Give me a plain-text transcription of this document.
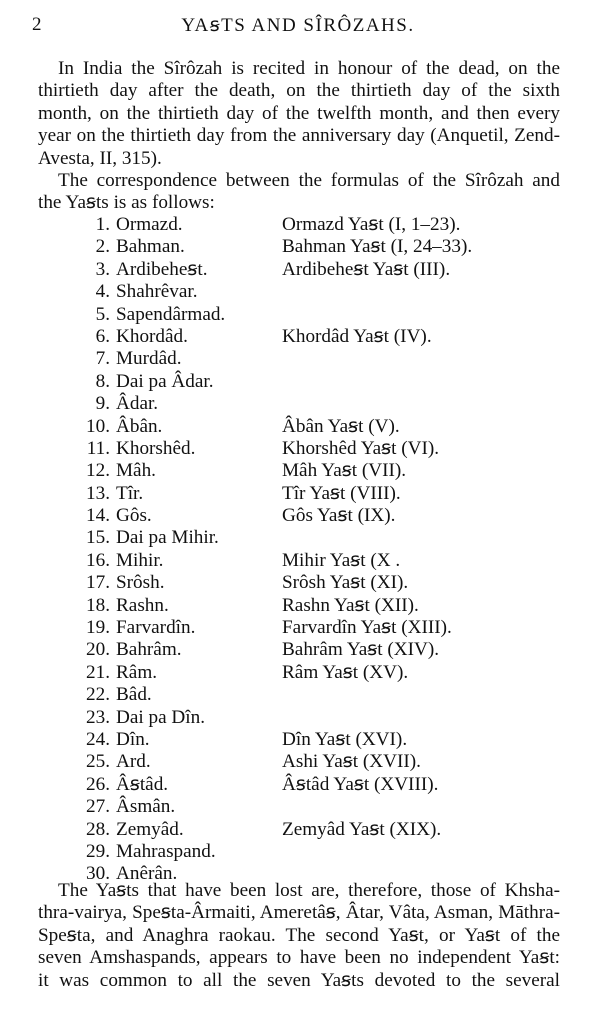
2	YAꞩTS AND SÎRÔZAHS.
In India the Sîrôzah is recited in honour of the dead, on the
thirtieth day after the death, on the thirtieth day of the sixth
month, on the thirtieth day of the twelfth month, and then every
year on the thirtieth day from the anniversary day (Anquetil, Zend-
Avesta, II, 315).
The correspondence between the formulas of the Sîrôzah and
the Yaꞩts is as follows:
1. Ormazd.	Ormazd Yaꞩt (I, 1–23).
2. Bahman.	Bahman Yaꞩt (I, 24–33).
3. Ardibeheꞩt.	Ardibeheꞩt Yaꞩt (III).
4. Shahrêvar.
5. Sapendârmad.
6. Khordâd.	Khordâd Yaꞩt (IV).
7. Murdâd.
8. Dai pa Âdar.
9. Âdar.
10. Âbân.	Âbân Yaꞩt (V).
11. Khorshêd.	Khorshêd Yaꞩt (VI).
12. Mâh.	Mâh Yaꞩt (VII).
13. Tîr.	Tîr Yaꞩt (VIII).
14. Gôs.	Gôs Yaꞩt (IX).
15. Dai pa Mihir.
16. Mihir.	Mihir Yaꞩt (X .
17. Srôsh.	Srôsh Yaꞩt (XI).
18. Rashn.	Rashn Yaꞩt (XII).
19. Farvardîn.	Farvardîn Yaꞩt (XIII).
20. Bahrâm.	Bahrâm Yaꞩt (XIV).
21. Râm.	Râm Yaꞩt (XV).
22. Bâd.
23. Dai pa Dîn.
24. Dîn.	Dîn Yaꞩt (XVI).
25. Ard.	Ashi Yaꞩt (XVII).
26. Âꞩtâd.	Âꞩtâd Yaꞩt (XVIII).
27. Âsmân.
28. Zemyâd.	Zemyâd Yaꞩt (XIX).
29. Mahraspand.
30. Anêrân.
The Yaꞩts that have been lost are, therefore, those of Khsha-
thra-vairya, Speꞩta-Ârmaiti, Ameretâꞩ, Âtar, Vâta, Asman, Māthra-
Speꞩta, and Anaghra raokau. The second Yaꞩt, or Yaꞩt of the
seven Amshaspands, appears to have been no independent Yaꞩt:
it was common to all the seven Yaꞩts devoted to the several
